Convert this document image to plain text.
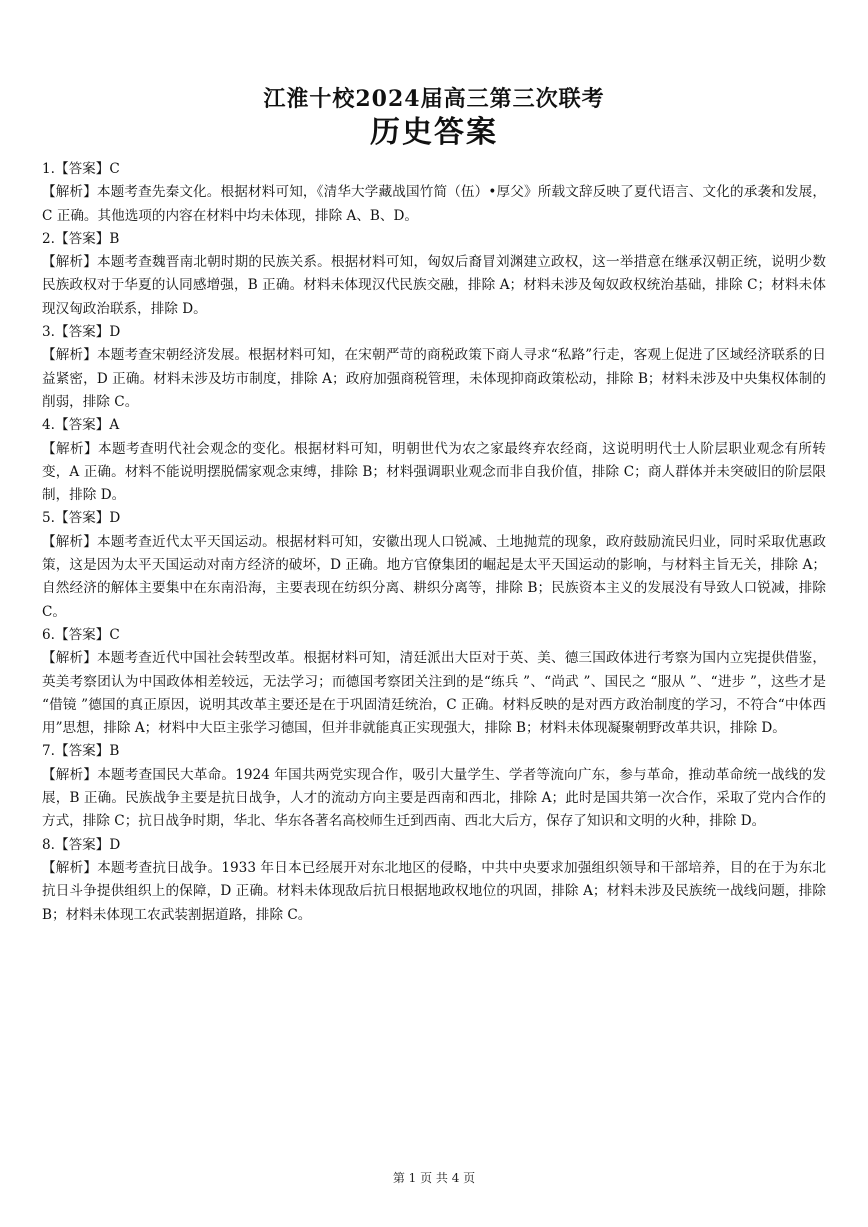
江淮十校2024届高三第三次联考
历史答案
1.【答案】C
【解析】本题考查先秦文化。根据材料可知，《清华大学藏战国竹简（伍）•厚父》所载文辞反映了夏代语言、文化的承袭和发展，C 正确。其他选项的内容在材料中均未体现，排除 A、B、D。
2.【答案】B
【解析】本题考查魏晋南北朝时期的民族关系。根据材料可知，匈奴后裔冒刘渊建立政权，这一举措意在继承汉朝正统，说明少数民族政权对于华夏的认同感增强，B 正确。材料未体现汉代民族交融，排除 A；材料未涉及匈奴政权统治基础，排除 C；材料未体现汉匈政治联系，排除 D。
3.【答案】D
【解析】本题考查宋朝经济发展。根据材料可知，在宋朝严苛的商税政策下商人寻求“私路”行走，客观上促进了区域经济联系的日益紧密，D 正确。材料未涉及坊市制度，排除 A；政府加强商税管理，未体现抑商政策松动，排除 B；材料未涉及中央集权体制的削弱，排除 C。
4.【答案】A
【解析】本题考查明代社会观念的变化。根据材料可知，明朝世代为农之家最终弃农经商，这说明明代士人阶层职业观念有所转变，A 正确。材料不能说明摆脱儒家观念束缚，排除 B；材料强调职业观念而非自我价值，排除 C；商人群体并未突破旧的阶层限制，排除 D。
5.【答案】D
【解析】本题考查近代太平天国运动。根据材料可知，安徽出现人口锐减、土地抛荒的现象，政府鼓励流民归业，同时采取优惠政策，这是因为太平天国运动对南方经济的破坏，D 正确。地方官僚集团的崛起是太平天国运动的影响，与材料主旨无关，排除 A；自然经济的解体主要集中在东南沿海，主要表现在纺织分离、耕织分离等，排除 B；民族资本主义的发展没有导致人口锐减，排除 C。
6.【答案】C
【解析】本题考查近代中国社会转型改革。根据材料可知，清廷派出大臣对于英、美、德三国政体进行考察为国内立宪提供借鉴，英美考察团认为中国政体相差较远，无法学习；而德国考察团关注到的是“练兵 ”、“尚武 ”、国民之 “服从 ”、“进步 ”，这些才是 “借镜 ”德国的真正原因，说明其改革主要还是在于巩固清廷统治，C 正确。材料反映的是对西方政治制度的学习，不符合“中体西用”思想，排除 A；材料中大臣主张学习德国，但并非就能真正实现强大，排除 B；材料未体现凝聚朝野改革共识，排除 D。
7.【答案】B
【解析】本题考查国民大革命。1924 年国共两党实现合作，吸引大量学生、学者等流向广东，参与革命，推动革命统一战线的发展，B 正确。民族战争主要是抗日战争，人才的流动方向主要是西南和西北，排除 A；此时是国共第一次合作，采取了党内合作的方式，排除 C；抗日战争时期，华北、华东各著名高校师生迁到西南、西北大后方，保存了知识和文明的火种，排除 D。
8.【答案】D
【解析】本题考查抗日战争。1933 年日本已经展开对东北地区的侵略，中共中央要求加强组织领导和干部培养，目的在于为东北抗日斗争提供组织上的保障，D 正确。材料未体现敌后抗日根据地政权地位的巩固，排除 A；材料未涉及民族统一战线问题，排除 B；材料未体现工农武装割据道路，排除 C。
第 1 页 共 4 页
